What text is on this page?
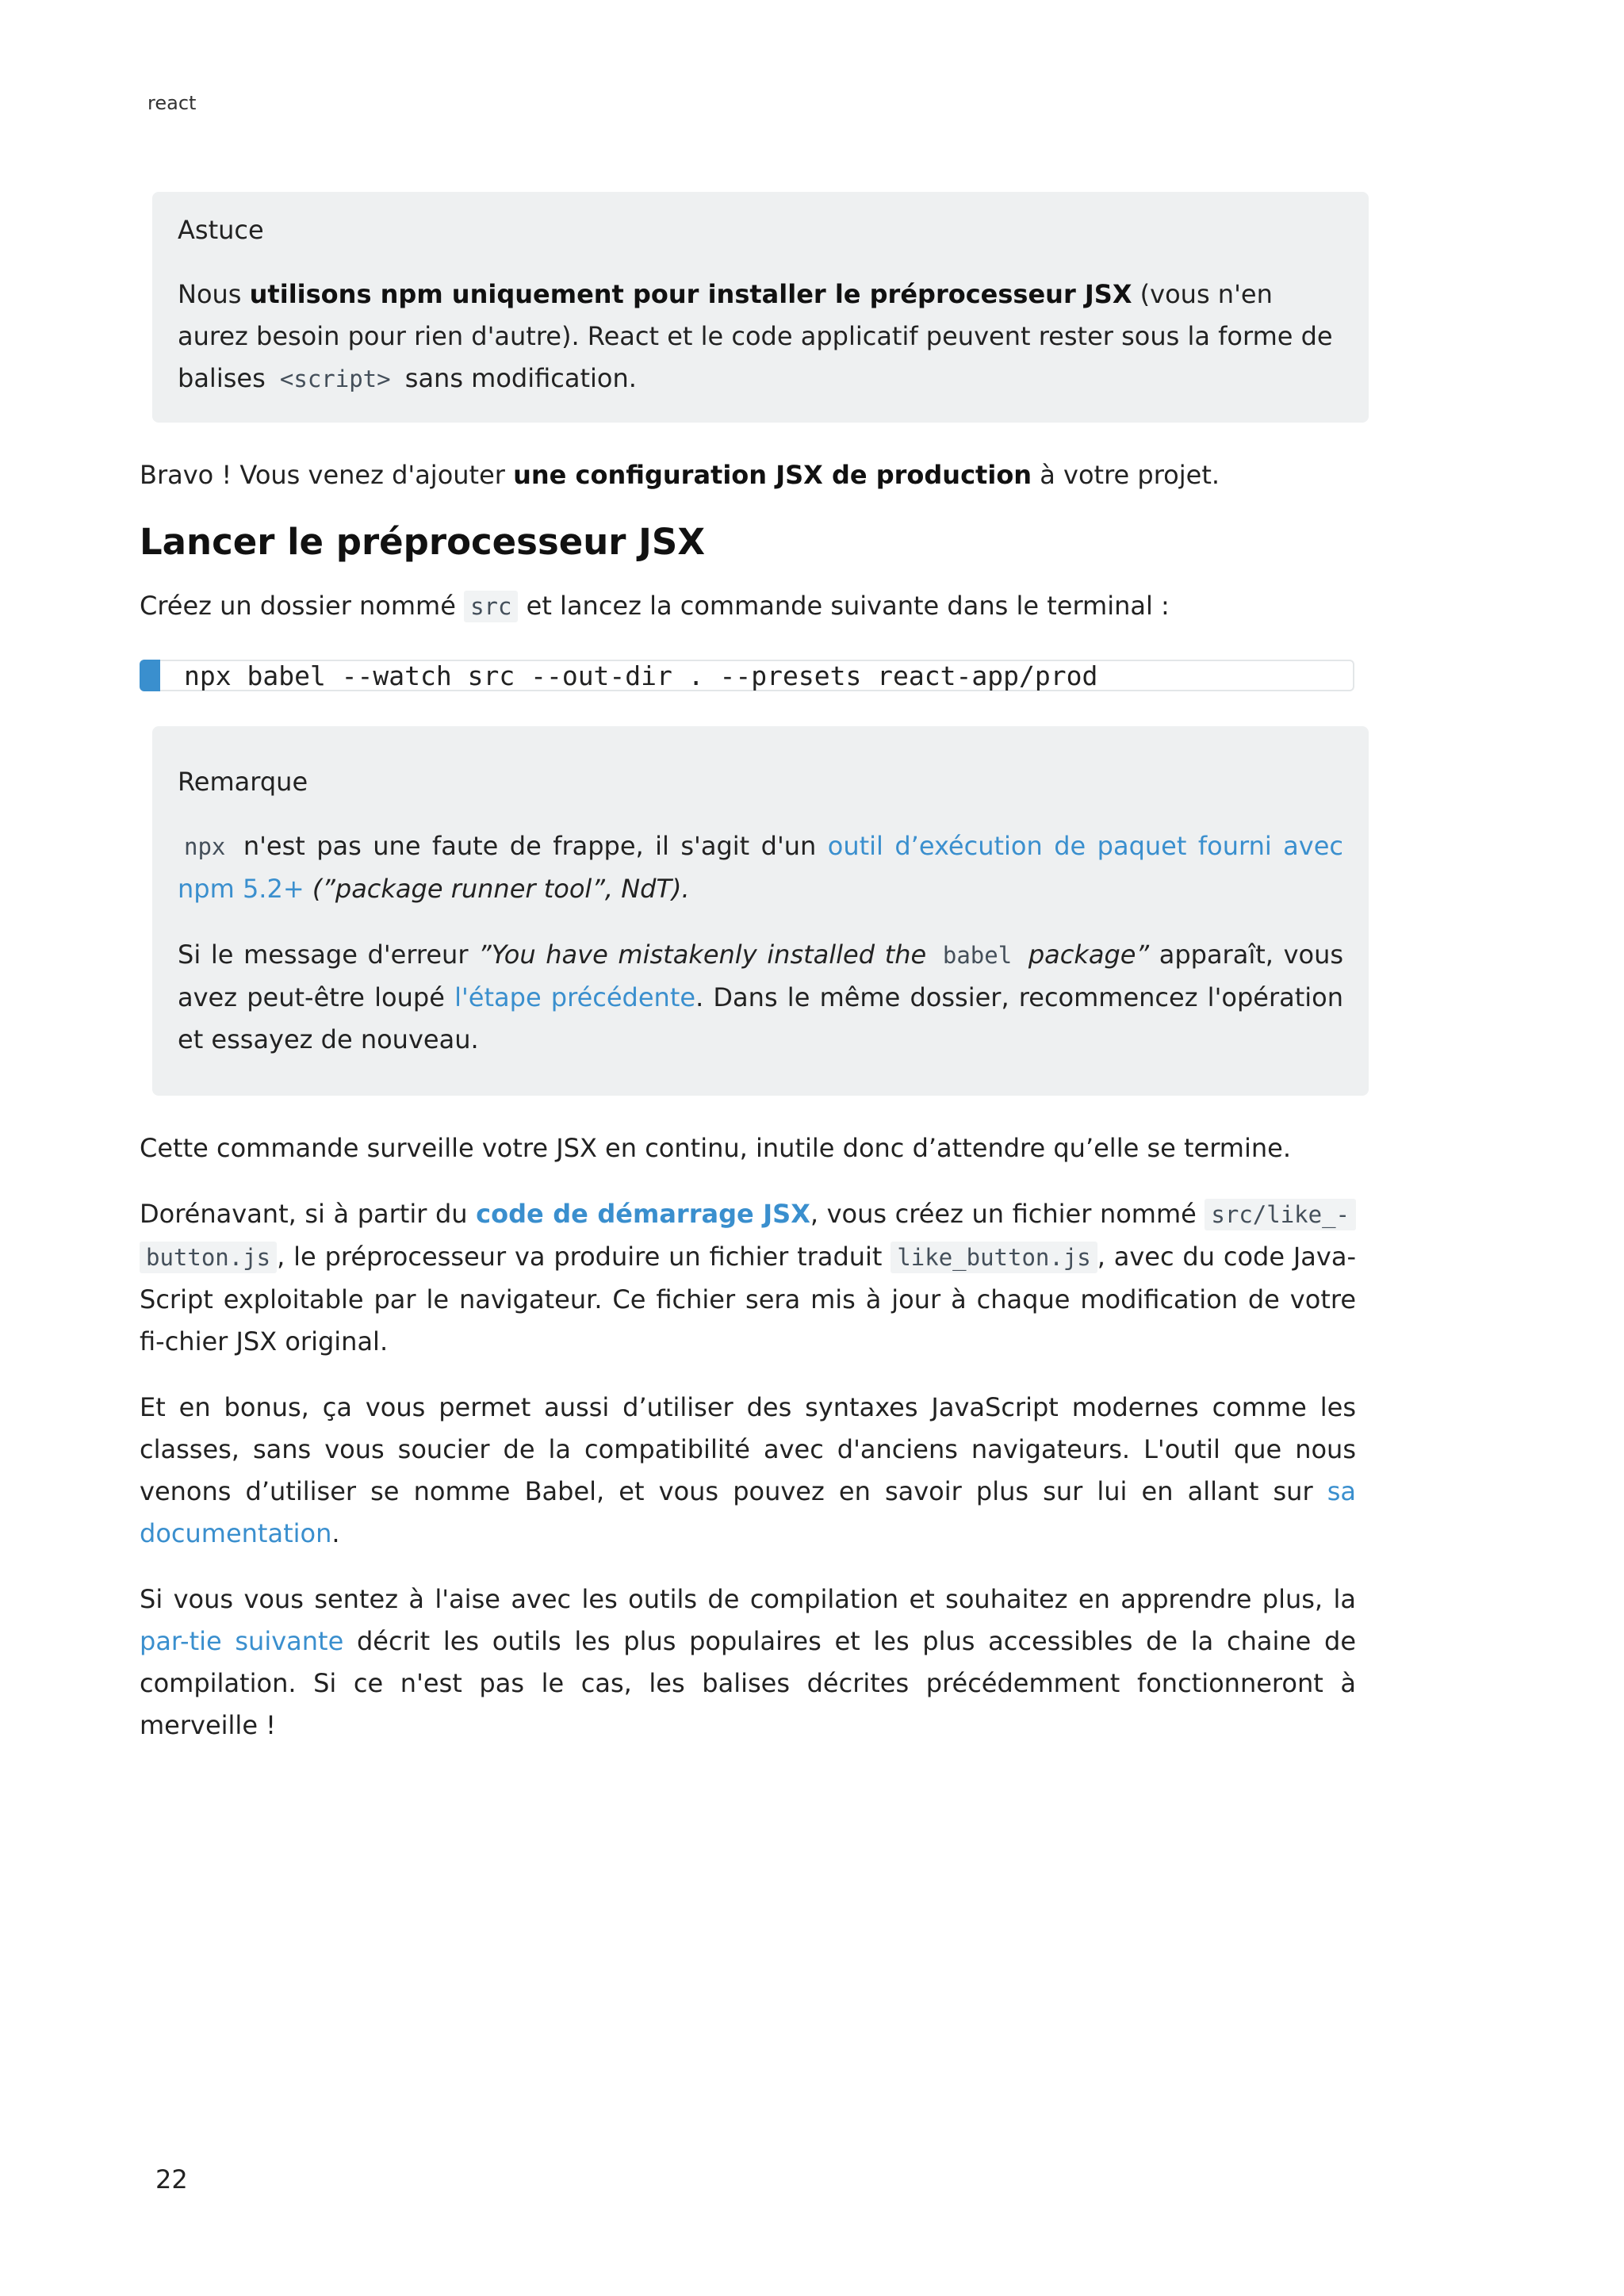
react
Astuce

Nous utilisons npm uniquement pour installer le préprocesseur JSX (vous n'en aurez besoin pour rien d'autre). React et le code applicatif peuvent rester sous la forme de balises <script> sans modification.

Bravo ! Vous venez d'ajouter une configuration JSX de production à votre projet.

Lancer le préprocesseur JSX

Créez un dossier nommé src et lancez la commande suivante dans le terminal :

npx babel --watch src --out-dir . --presets react-app/prod
Remarque

npx n'est pas une faute de frappe, il s'agit d'un outil d’exécution de paquet fourni avec npm 5.2+ (”package runner tool”, NdT).

Si le message d'erreur ”You have mistakenly installed the babel package” apparaît, vous avez peut-être loupé l'étape précédente. Dans le même dossier, recommencez l'opération et essayez de nouveau.

Cette commande surveille votre JSX en continu, inutile donc d’attendre qu’elle se termine.

Dorénavant, si à partir du code de démarrage JSX, vous créez un fichier nommé src/like_- button.js , le préprocesseur va produire un fichier traduit like_button.js , avec du code Java-Script exploitable par le navigateur. Ce fichier sera mis à jour à chaque modification de votre fi-chier JSX original.

Et en bonus, ça vous permet aussi d’utiliser des syntaxes JavaScript modernes comme les classes, sans vous soucier de la compatibilité avec d'anciens navigateurs. L'outil que nous venons d’utiliser se nomme Babel, et vous pouvez en savoir plus sur lui en allant sur sa documentation.

Si vous vous sentez à l'aise avec les outils de compilation et souhaitez en apprendre plus, la par-tie suivante décrit les outils les plus populaires et les plus accessibles de la chaine de compilation. Si ce n'est pas le cas, les balises décrites précédemment fonctionneront à merveille !

22
